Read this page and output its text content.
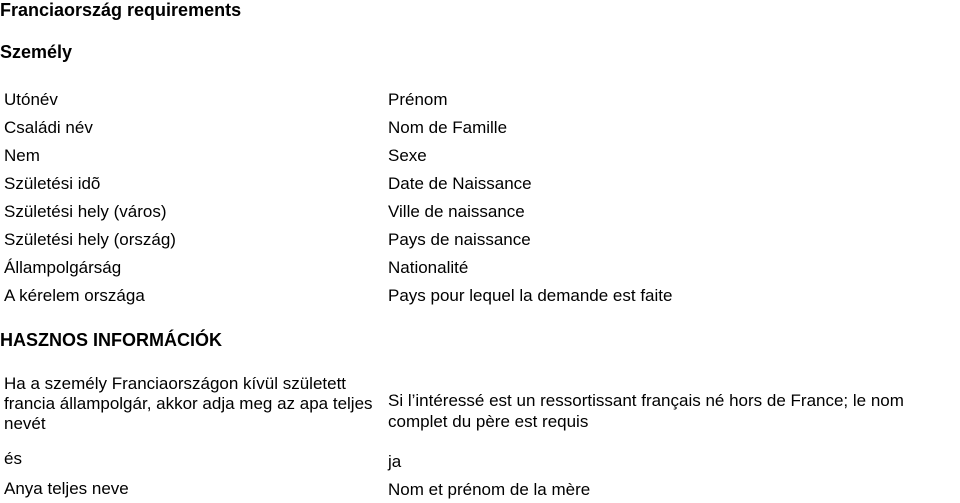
Franciaország requirements
Személy
Utónév
Családi név
Nem
Születési idõ
Születési hely (város)
Születési hely (ország)
Állampolgárság
A kérelem országa
Prénom
Nom de Famille
Sexe
Date de Naissance
Ville de naissance
Pays de naissance
Nationalité
Pays pour lequel la demande est faite
HASZNOS INFORMÁCIÓK
Ha a személy Franciaországon kívül született francia állampolgár, akkor adja meg az apa teljes nevét
Si l’intéressé est un ressortissant français né hors de France; le nom complet du père est requis
és	ja
Anya teljes neve	Nom et prénom de la mère
